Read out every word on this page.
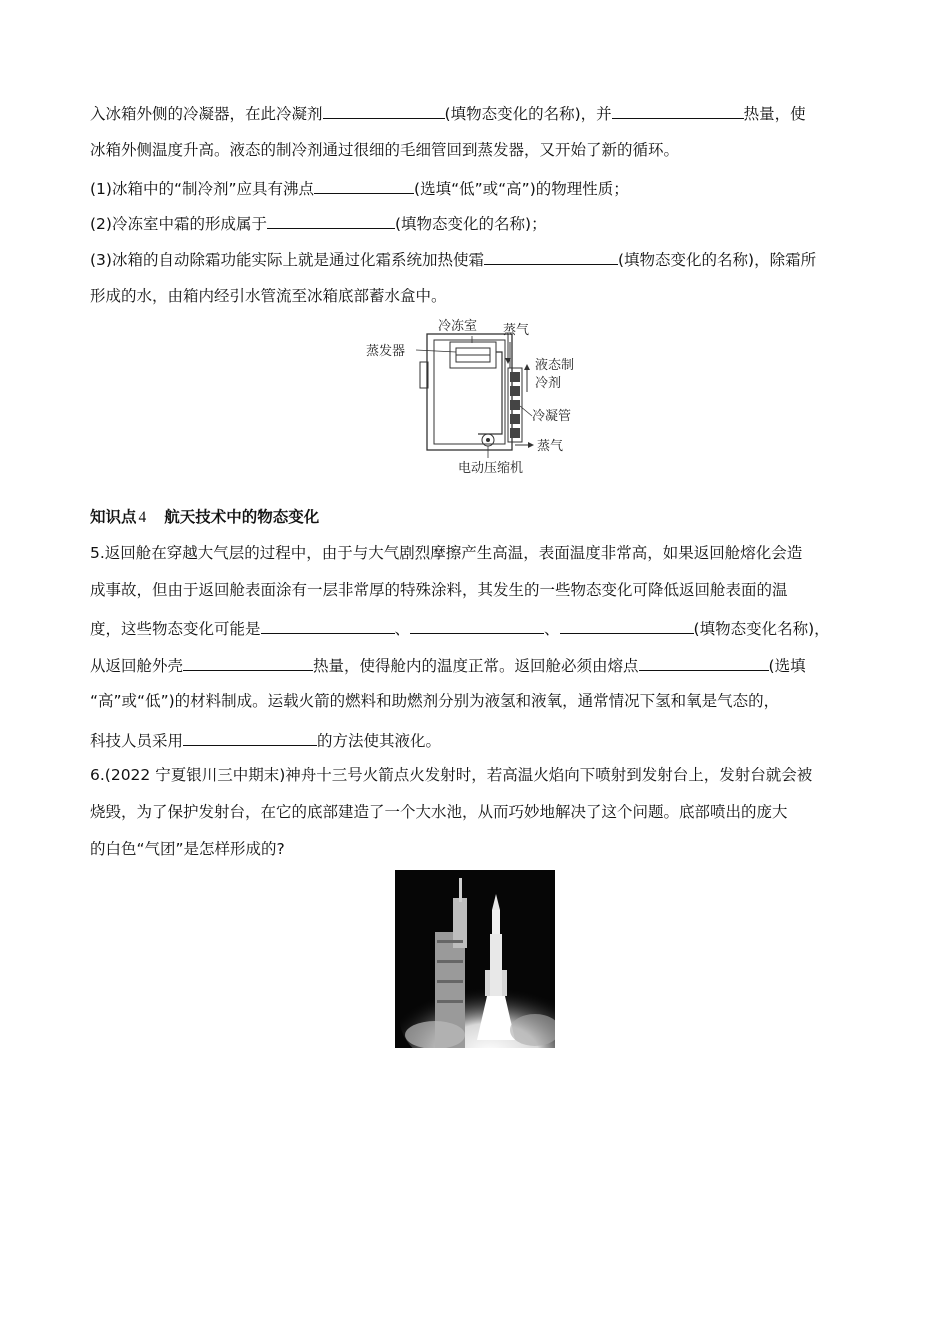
入冰箱外侧的冷凝器，在此冷凝剂	(填物态变化的名称)，并	热量，使
冰箱外侧温度升高。液态的制冷剂通过很细的毛细管回到蒸发器，又开始了新的循环。
(1)冰箱中的“制冷剂”应具有沸点	(选填“低”或“高”)的物理性质；
(2)冷冻室中霜的形成属于	(填物态变化的名称)；
(3)冰箱的自动除霜功能实际上就是通过化霜系统加热使霜	(填物态变化的名称)，除霜所
形成的水，由箱内经引水管流至冰箱底部蓄水盒中。
冷冻室
蒸发器
蒸气
液态制
冷剂
冷凝管
蒸气
电动压缩机
知识点 4 航天技术中的物态变化
5.返回舱在穿越大气层的过程中，由于与大气剧烈摩擦产生高温，表面温度非常高，如果返回舱熔化会造
成事故，但由于返回舱表面涂有一层非常厚的特殊涂料，其发生的一些物态变化可降低返回舱表面的温
度，这些物态变化可能是	、	、	(填物态变化名称)，
从返回舱外壳	热量，使得舱内的温度正常。返回舱必须由熔点	(选填
“高”或“低”)的材料制成。运载火箭的燃料和助燃剂分别为液氢和液氧，通常情况下氢和氧是气态的，
科技人员采用	的方法使其液化。
6.(2022 宁夏银川三中期末)神舟十三号火箭点火发射时，若高温火焰向下喷射到发射台上，发射台就会被
烧毁，为了保护发射台，在它的底部建造了一个大水池，从而巧妙地解决了这个问题。底部喷出的庞大
的白色“气团”是怎样形成的?
